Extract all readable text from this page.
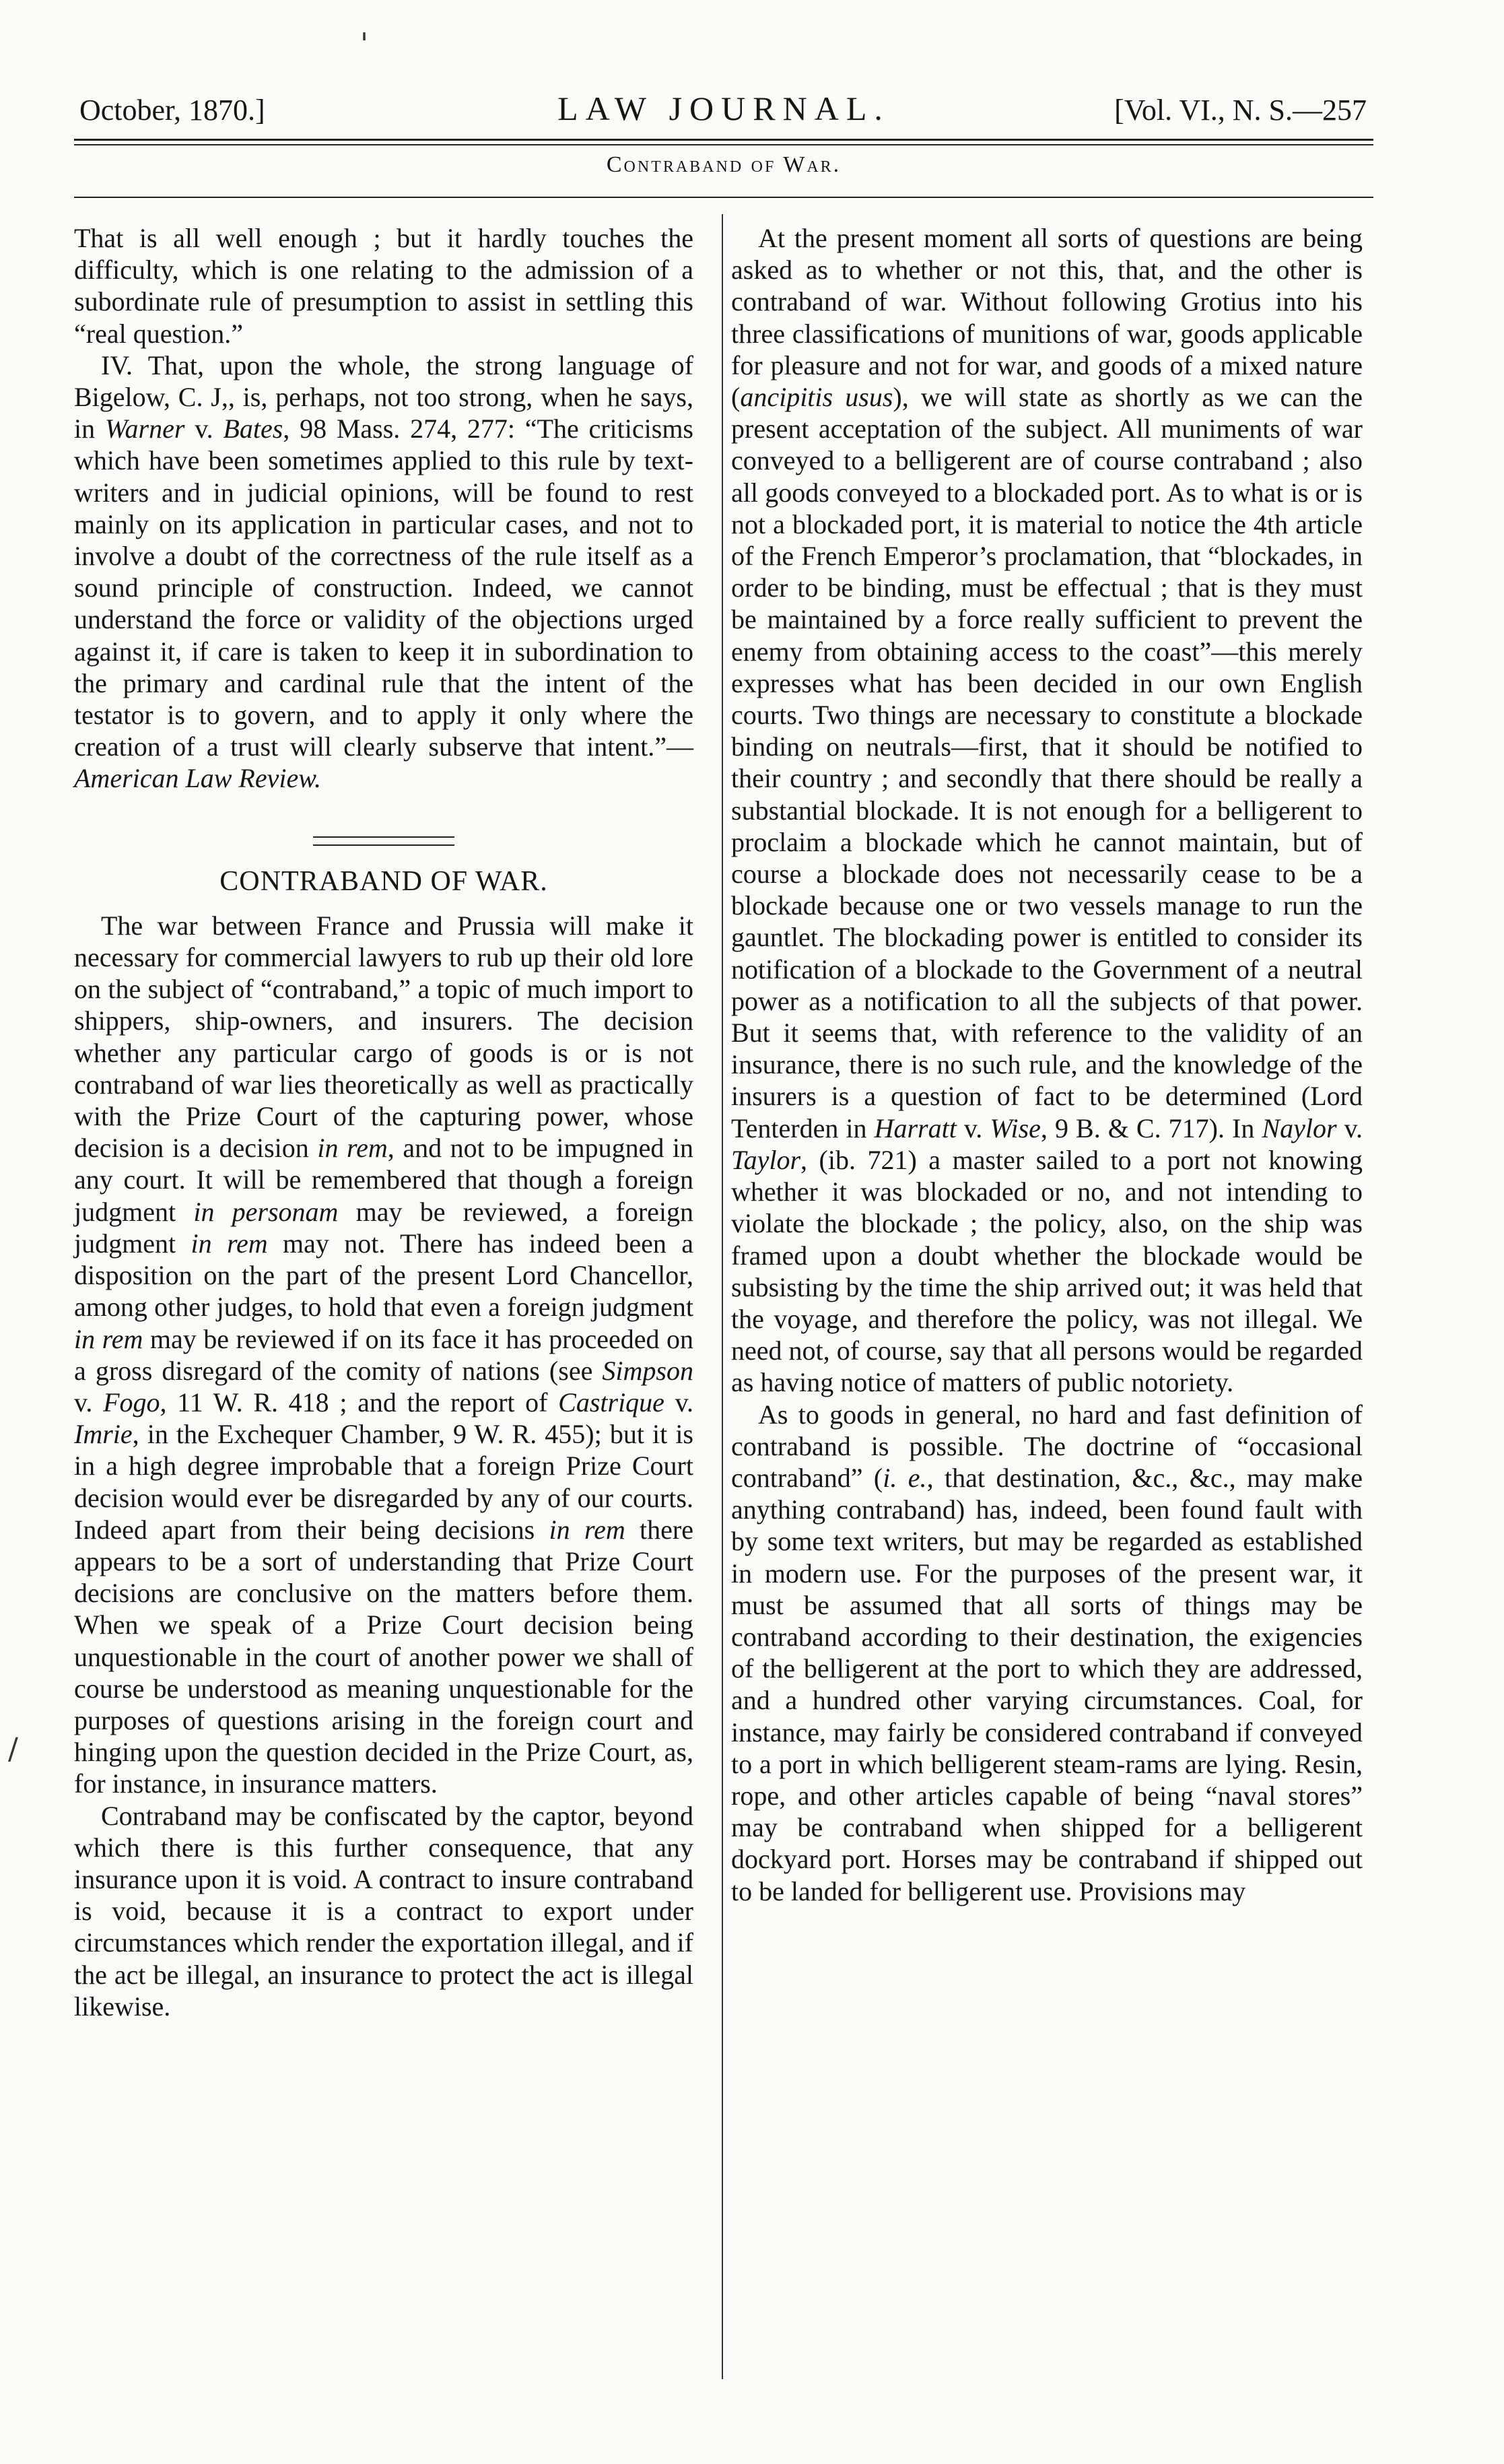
October, 1870.]	LAW JOURNAL.	[Vol. VI., N. S.—257
'
Contraband of War.
/

That is all well enough ; but it hardly touches the difficulty, which is one relating to the admission of a subordinate rule of presumption to assist in settling this “real question.”

IV. That, upon the whole, the strong language of Bigelow, C. J,, is, perhaps, not too strong, when he says, in Warner v. Bates, 98 Mass. 274, 277: “The criticisms which have been sometimes applied to this rule by text-writers and in judicial opinions, will be found to rest mainly on its application in particular cases, and not to involve a doubt of the correctness of the rule itself as a sound principle of construction. Indeed, we cannot understand the force or validity of the objections urged against it, if care is taken to keep it in subordination to the primary and cardinal rule that the intent of the testator is to govern, and to apply it only where the creation of a trust will clearly subserve that intent.”—American Law Review.

CONTRABAND OF WAR.

The war between France and Prussia will make it necessary for commercial lawyers to rub up their old lore on the subject of “contraband,” a topic of much import to shippers, ship-owners, and insurers. The decision whether any particular cargo of goods is or is not contraband of war lies theoretically as well as practically with the Prize Court of the capturing power, whose decision is a decision in rem, and not to be impugned in any court. It will be remembered that though a foreign judgment in personam may be reviewed, a foreign judgment in rem may not. There has indeed been a disposition on the part of the present Lord Chancellor, among other judges, to hold that even a foreign judgment in rem may be reviewed if on its face it has proceeded on a gross disregard of the comity of nations (see Simpson v. Fogo, 11 W. R. 418 ; and the report of Castrique v. Imrie, in the Exchequer Chamber, 9 W. R. 455); but it is in a high degree improbable that a foreign Prize Court decision would ever be disregarded by any of our courts. Indeed apart from their being decisions in rem there appears to be a sort of understanding that Prize Court decisions are conclusive on the matters before them. When we speak of a Prize Court decision being unquestionable in the court of another power we shall of course be understood as meaning unquestionable for the purposes of questions arising in the foreign court and hinging upon the question decided in the Prize Court, as, for instance, in insurance matters.

Contraband may be confiscated by the captor, beyond which there is this further consequence, that any insurance upon it is void. A contract to insure contraband is void, because it is a contract to export under circumstances which render the exportation illegal, and if the act be illegal, an insurance to protect the act is illegal likewise.

At the present moment all sorts of questions are being asked as to whether or not this, that, and the other is contraband of war. Without following Grotius into his three classifications of munitions of war, goods applicable for pleasure and not for war, and goods of a mixed nature (ancipitis usus), we will state as shortly as we can the present acceptation of the subject. All muniments of war conveyed to a belligerent are of course contraband ; also all goods conveyed to a blockaded port. As to what is or is not a blockaded port, it is material to notice the 4th article of the French Emperor’s proclamation, that “blockades, in order to be binding, must be effectual ; that is they must be maintained by a force really sufficient to prevent the enemy from obtaining access to the coast”—this merely expresses what has been decided in our own English courts. Two things are necessary to constitute a blockade binding on neutrals—first, that it should be notified to their country ; and secondly that there should be really a substantial blockade. It is not enough for a belligerent to proclaim a blockade which he cannot maintain, but of course a blockade does not necessarily cease to be a blockade because one or two vessels manage to run the gauntlet. The blockading power is entitled to consider its notification of a blockade to the Government of a neutral power as a notification to all the subjects of that power. But it seems that, with reference to the validity of an insurance, there is no such rule, and the knowledge of the insurers is a question of fact to be determined (Lord Tenterden in Harratt v. Wise, 9 B. & C. 717). In Naylor v. Taylor, (ib. 721) a master sailed to a port not knowing whether it was blockaded or no, and not intending to violate the blockade ; the policy, also, on the ship was framed upon a doubt whether the blockade would be subsisting by the time the ship arrived out; it was held that the voyage, and therefore the policy, was not illegal. We need not, of course, say that all persons would be regarded as having notice of matters of public notoriety.

As to goods in general, no hard and fast definition of contraband is possible. The doctrine of “occasional contraband” (i. e., that destination, &c., &c., may make anything contraband) has, indeed, been found fault with by some text writers, but may be regarded as established in modern use. For the purposes of the present war, it must be assumed that all sorts of things may be contraband according to their destination, the exigencies of the belligerent at the port to which they are addressed, and a hundred other varying circumstances. Coal, for instance, may fairly be considered contraband if conveyed to a port in which belligerent steam-rams are lying. Resin, rope, and other articles capable of being “naval stores” may be contraband when shipped for a belligerent dockyard port. Horses may be contraband if shipped out to be landed for belligerent use. Provisions may
